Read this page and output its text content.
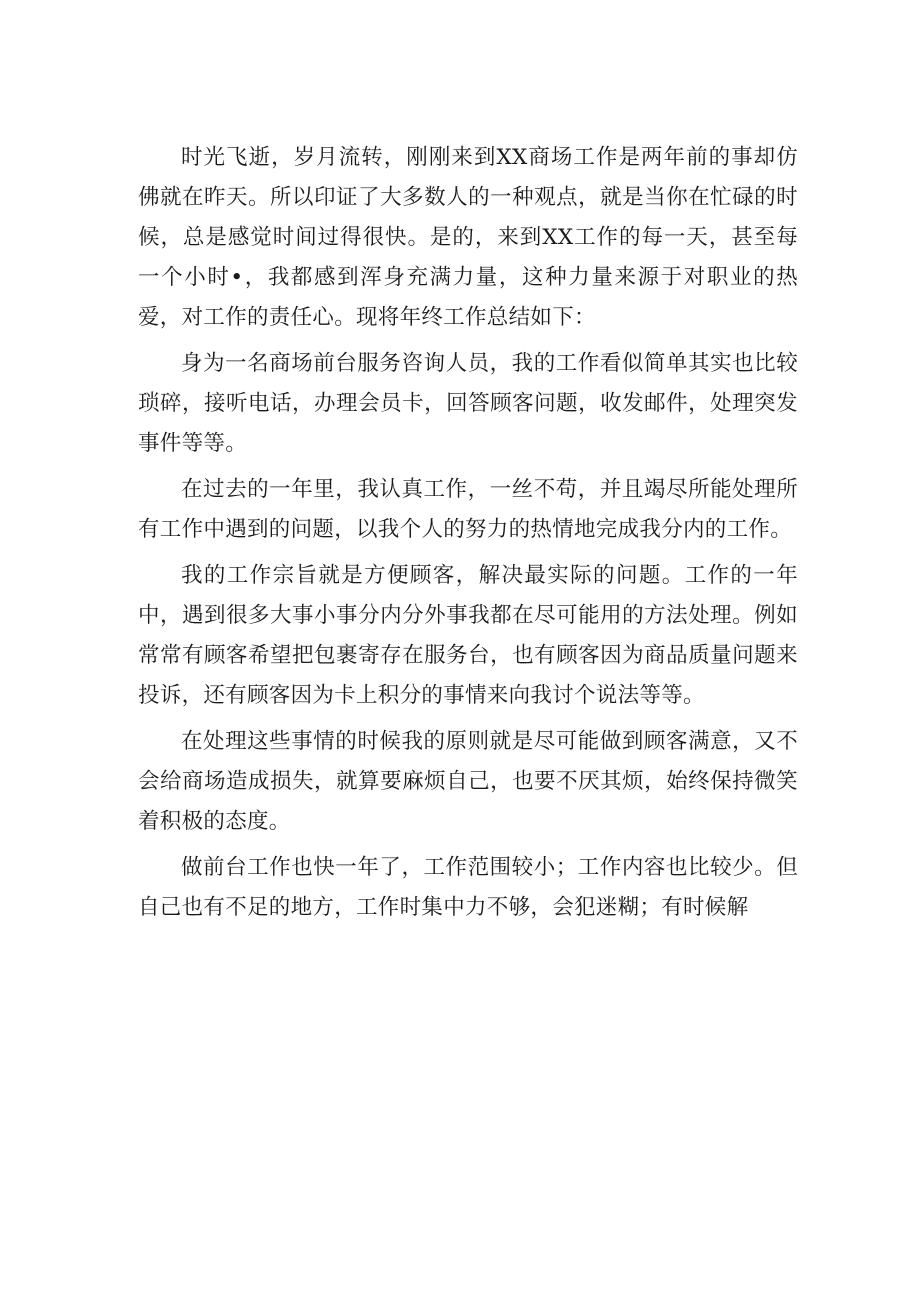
时光飞逝，岁月流转，刚刚来到XX商场工作是两年前的事却仿佛就在昨天。所以印证了大多数人的一种观点，就是当你在忙碌的时候，总是感觉时间过得很快。是的，来到XX工作的每一天，甚至每一个小时•，我都感到浑身充满力量，这种力量来源于对职业的热爱，对工作的责任心。现将年终工作总结如下：

身为一名商场前台服务咨询人员，我的工作看似简单其实也比较琐碎，接听电话，办理会员卡，回答顾客问题，收发邮件，处理突发事件等等。

在过去的一年里，我认真工作，一丝不苟，并且竭尽所能处理所有工作中遇到的问题，以我个人的努力的热情地完成我分内的工作。

我的工作宗旨就是方便顾客，解决最实际的问题。工作的一年中，遇到很多大事小事分内分外事我都在尽可能用的方法处理。例如常常有顾客希望把包裹寄存在服务台，也有顾客因为商品质量问题来投诉，还有顾客因为卡上积分的事情来向我讨个说法等等。

在处理这些事情的时候我的原则就是尽可能做到顾客满意，又不会给商场造成损失，就算要麻烦自己，也要不厌其烦，始终保持微笑着积极的态度。

做前台工作也快一年了，工作范围较小；工作内容也比较少。但自己也有不足的地方，工作时集中力不够，会犯迷糊；有时候解
